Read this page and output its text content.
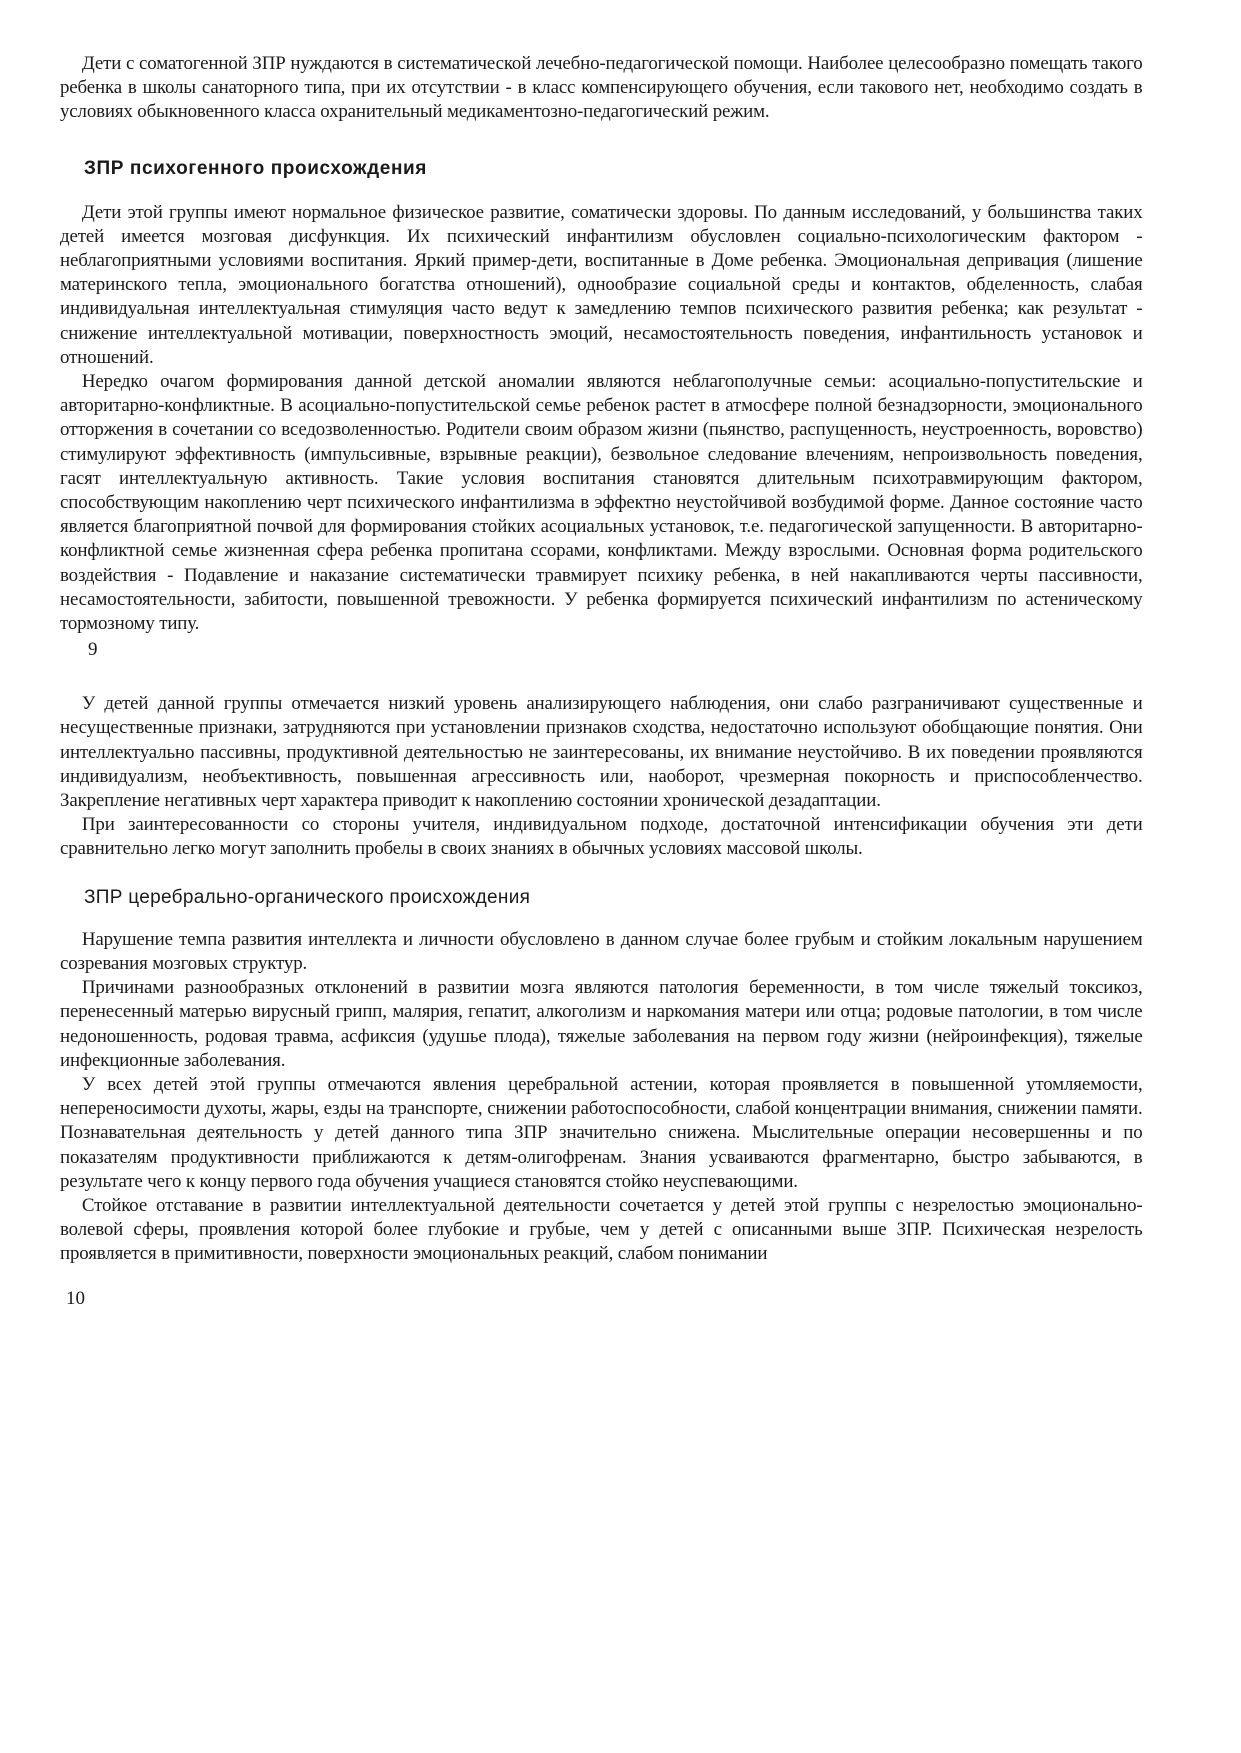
Дети с соматогенной ЗПР нуждаются в систематической лечебно-педагогической помощи. Наиболее целесообразно помещать такого ребенка в школы санаторного типа, при их отсутствии - в класс компенсирующего обучения, если такового нет, необходимо создать в условиях обыкновенного класса охранительный медикаментозно-педагогический режим.

ЗПР психогенного происхождения

Дети этой группы имеют нормальное физическое развитие, соматически здоровы. По данным исследований, у большинства таких детей имеется мозговая дисфункция. Их психический инфантилизм обусловлен социально-психологическим фактором - неблагоприятными условиями воспитания. Яркий пример-дети, воспитанные в Доме ребенка. Эмоциональная депривация (лишение материнского тепла, эмоционального богатства отношений), однообразие социальной среды и контактов, обделенность, слабая индивидуальная интеллектуальная стимуляция часто ведут к замедлению темпов психического развития ребенка; как результат - снижение интеллектуальной мотивации, поверхностность эмоций, несамостоятельность поведения, инфантильность установок и отношений.

Нередко очагом формирования данной детской аномалии являются неблагополучные семьи: асоциально-попустительские и авторитарно-конфликтные. В асоциально-попустительской семье ребенок растет в атмосфере полной безнадзорности, эмоционального отторжения в сочетании со вседозволенностью. Родители своим образом жизни (пьянство, распущенность, неустроенность, воровство) стимулируют эффективность (импульсивные, взрывные реакции), безвольное следование влечениям, непроизвольность поведения, гасят интеллектуальную активность. Такие условия воспитания становятся длительным психотравмирующим фактором, способствующим накоплению черт психического инфантилизма в эффектно неустойчивой возбудимой форме. Данное состояние часто является благоприятной почвой для формирования стойких асоциальных установок, т.е. педагогической запущенности. В авторитарно-конфликтной семье жизненная сфера ребенка пропитана ссорами, конфликтами. Между взрослыми. Основная форма родительского воздействия - Подавление и наказание систематически травмирует психику ребенка, в ней накапливаются черты пассивности, несамостоятельности, забитости, повышенной тревожности. У ребенка формируется психический инфантилизм по астеническому тормозному типу.

9

У детей данной группы отмечается низкий уровень анализирующего наблюдения, они слабо разграничивают существенные и несущественные признаки, затрудняются при установлении признаков сходства, недостаточно используют обобщающие понятия. Они интеллектуально пассивны, продуктивной деятельностью не заинтересованы, их внимание неустойчиво. В их поведении проявляются индивидуализм, необъективность, повышенная агрессивность или, наоборот, чрезмерная покорность и приспособленчество. Закрепление негативных черт характера приводит к накоплению состоянии хронической дезадаптации.

При заинтересованности со стороны учителя, индивидуальном подходе, достаточной интенсификации обучения эти дети сравнительно легко могут заполнить пробелы в своих знаниях в обычных условиях массовой школы.

ЗПР церебрально-органического происхождения

Нарушение темпа развития интеллекта и личности обусловлено в данном случае более грубым и стойким локальным нарушением созревания мозговых структур.

Причинами разнообразных отклонений в развитии мозга являются патология беременности, в том числе тяжелый токсикоз, перенесенный матерью вирусный грипп, малярия, гепатит, алкоголизм и наркомания матери или отца; родовые патологии, в том числе недоношенность, родовая травма, асфиксия (удушье плода), тяжелые заболевания на первом году жизни (нейроинфекция), тяжелые инфекционные заболевания.

У всех детей этой группы отмечаются явления церебральной астении, которая проявляется в повышенной утомляемости, непереносимости духоты, жары, езды на транспорте, снижении работоспособности, слабой концентрации внимания, снижении памяти. Познавательная деятельность у детей данного типа ЗПР значительно снижена. Мыслительные операции несовершенны и по показателям продуктивности приближаются к детям-олигофренам. Знания усваиваются фрагментарно, быстро забываются, в результате чего к концу первого года обучения учащиеся становятся стойко неуспевающими.

Стойкое отставание в развитии интеллектуальной деятельности сочетается у детей этой группы с незрелостью эмоционально-волевой сферы, проявления которой более глубокие и грубые, чем у детей с описанными выше ЗПР. Психическая незрелость проявляется в примитивности, поверхности эмоциональных реакций, слабом понимании

10
